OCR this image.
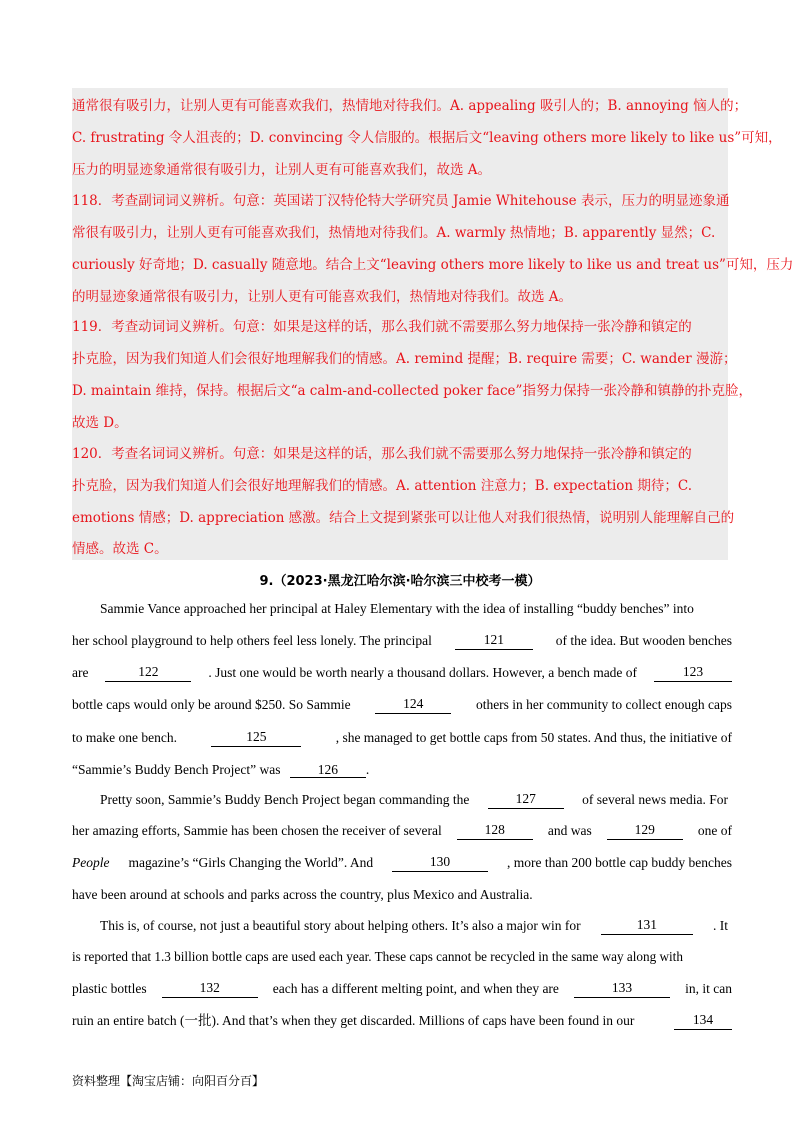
通常很有吸引力，让别人更有可能喜欢我们，热情地对待我们。A. appealing 吸引人的；B. annoying 恼人的；
C. frustrating 令人沮丧的；D. convincing 令人信服的。根据后文“leaving others more likely to like us”可知，
压力的明显迹象通常很有吸引力，让别人更有可能喜欢我们，故选 A。
118．考查副词词义辨析。句意：英国诺丁汉特伦特大学研究员 Jamie Whitehouse 表示，压力的明显迹象通
常很有吸引力，让别人更有可能喜欢我们，热情地对待我们。A. warmly 热情地；B. apparently 显然；C.
curiously 好奇地；D. casually 随意地。结合上文“leaving others more likely to like us and treat us”可知，压力
的明显迹象通常很有吸引力，让别人更有可能喜欢我们，热情地对待我们。故选 A。
119．考查动词词义辨析。句意：如果是这样的话，那么我们就不需要那么努力地保持一张冷静和镇定的
扑克脸，因为我们知道人们会很好地理解我们的情感。A. remind 提醒；B. require 需要；C. wander 漫游；
D. maintain 维持，保持。根据后文“a calm-and-collected poker face”指努力保持一张冷静和镇静的扑克脸，
故选 D。
120．考查名词词义辨析。句意：如果是这样的话，那么我们就不需要那么努力地保持一张冷静和镇定的
扑克脸，因为我们知道人们会很好地理解我们的情感。A. attention 注意力；B. expectation 期待；C.
emotions 情感；D. appreciation 感激。结合上文提到紧张可以让他人对我们很热情，说明别人能理解自己的
情感。故选 C。
9.（2023·黑龙江哈尔滨·哈尔滨三中校考一模）
Sammie Vance approached her principal at Haley Elementary with the idea of installing “buddy benches” into
her school playground to help others feel less lonely. The principal	121	of the idea. But wooden benches
are	122	. Just one would be worth nearly a thousand dollars. However, a bench made of	123
bottle caps would only be around $250. So Sammie	124	others in her community to collect enough caps
to make one bench.	125	, she managed to get bottle caps from 50 states. And thus, the initiative of
“Sammie’s Buddy Bench Project” was	126 .
Pretty soon, Sammie’s Buddy Bench Project began commanding the	127	of several news media. For
her amazing efforts, Sammie has been chosen the receiver of several	128	and was	129	one of
People magazine’s “Girls Changing the World”. And	130	, more than 200 bottle cap buddy benches
have been around at schools and parks across the country, plus Mexico and Australia.
This is, of course, not just a beautiful story about helping others. It’s also a major win for	131	. It
is reported that 1.3 billion bottle caps are used each year. These caps cannot be recycled in the same way along with
plastic bottles	132	each has a different melting point, and when they are	133	in, it can
ruin an entire batch (一批). And that’s when they get discarded. Millions of caps have been found in our	134
资料整理【淘宝店铺：向阳百分百】
